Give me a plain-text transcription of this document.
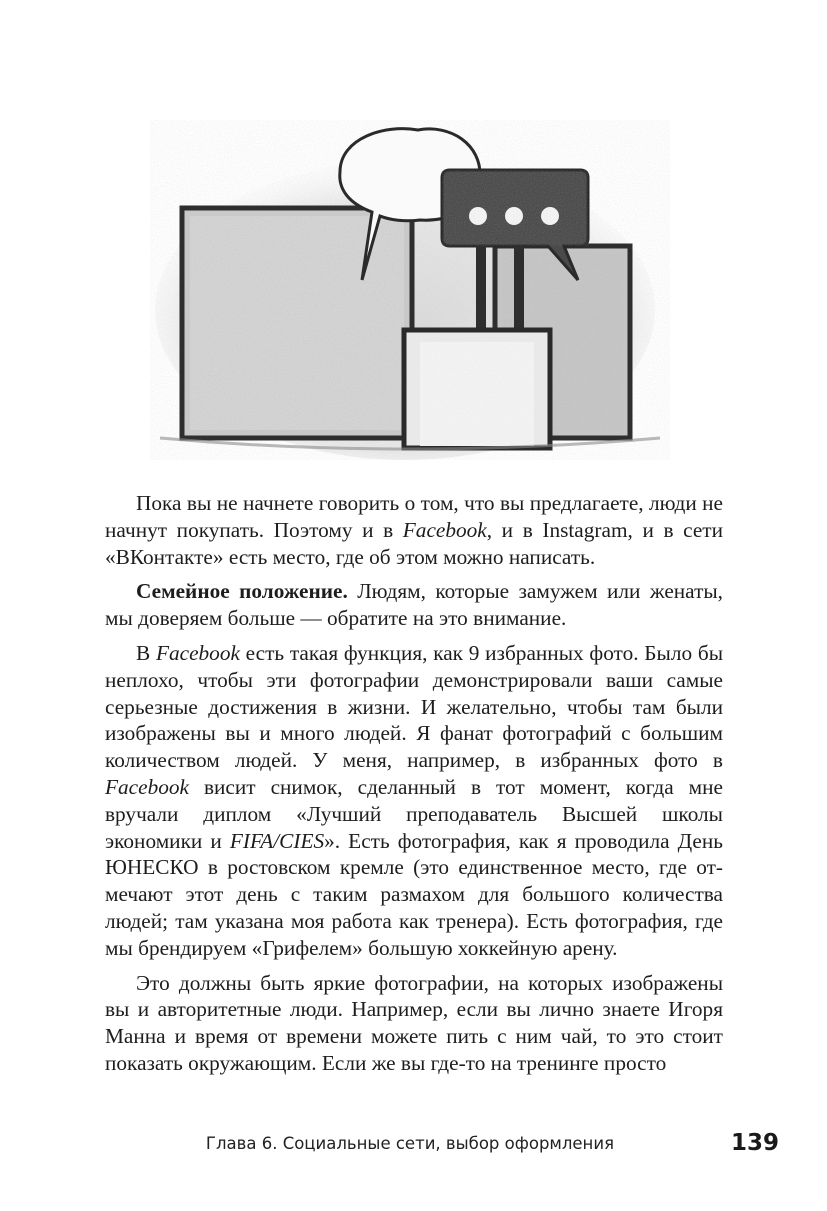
Пока вы не начнете говорить о том, что вы предлагаете, люди не начнут покупать. Поэтому и в Facebook, и в Instagram, и в сети «ВКонтакте» есть место, где об этом можно написать.

Семейное положение. Людям, которые замужем или женаты, мы доверяем больше — обратите на это внимание.

В Facebook есть такая функция, как 9 избранных фото. Было бы неплохо, чтобы эти фотографии демонстрировали ваши самые серьезные достижения в жизни. И желательно, чтобы там были изображены вы и много людей. Я фанат фотографий с большим количеством людей. У меня, например, в избранных фото в Facebook висит снимок, сделанный в тот момент, когда мне вручали диплом «Лучший преподаватель Высшей школы экономики и FIFA/CIES». Есть фотография, как я проводила День ЮНЕСКО в ростовском кремле (это единственное место, где отмечают этот день с таким размахом для большого количества людей; там указана моя работа как тренера). Есть фотография, где мы брендируем «Грифелем» большую хоккейную арену.

Это должны быть яркие фотографии, на которых изображены вы и авторитетные люди. Например, если вы лично знаете Игоря Манна и время от времени можете пить с ним чай, то это стоит показать окружающим. Если же вы где-то на тренинге просто

Глава 6. Социальные сети, выбор оформления	139
